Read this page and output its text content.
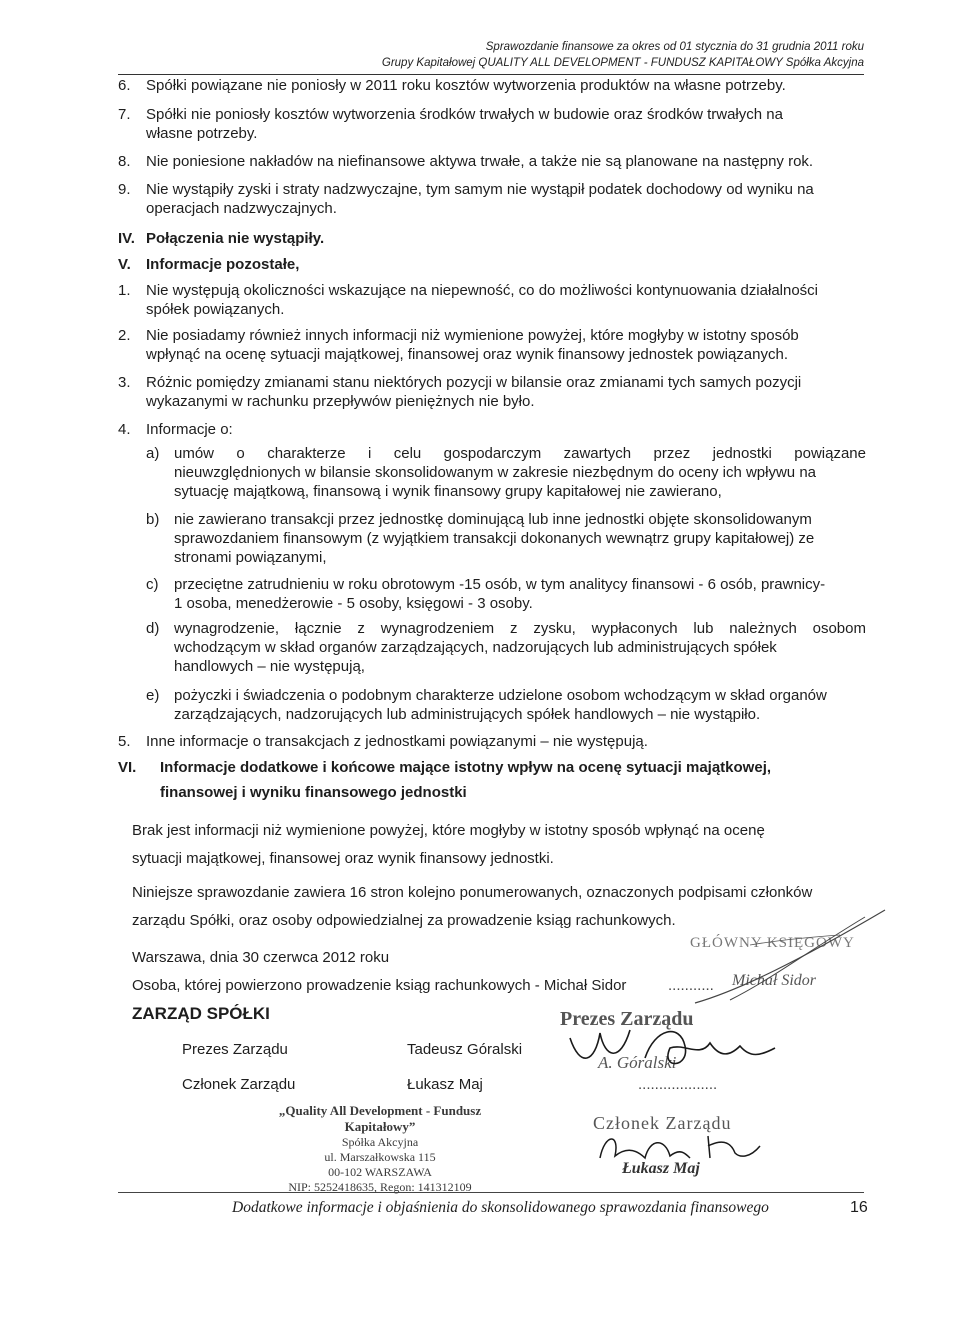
Sprawozdanie finansowe za okres od 01 stycznia do 31 grudnia 2011 roku
Grupy Kapitałowej QUALITY ALL DEVELOPMENT - FUNDUSZ KAPITAŁOWY Spółka Akcyjna
6. Spółki powiązane nie poniosły w 2011 roku kosztów wytworzenia produktów na własne potrzeby.
7. Spółki nie poniosły kosztów wytworzenia środków trwałych w budowie oraz środków trwałych na
własne potrzeby.
8. Nie poniesione nakładów na niefinansowe aktywa trwałe, a także nie są planowane na następny rok.
9. Nie wystąpiły zyski i straty nadzwyczajne, tym samym nie wystąpił podatek dochodowy od wyniku na
operacjach nadzwyczajnych.
IV. Połączenia nie wystąpiły.
V. Informacje pozostałe,
1. Nie występują okoliczności wskazujące na niepewność, co do możliwości kontynuowania działalności
spółek powiązanych.
2. Nie posiadamy również innych informacji niż wymienione powyżej, które mogłyby w istotny sposób
wpłynąć na ocenę sytuacji majątkowej, finansowej oraz wynik finansowy jednostek powiązanych.
3. Różnic pomiędzy zmianami stanu niektórych pozycji w bilansie oraz zmianami tych samych pozycji
wykazanymi w rachunku przepływów pieniężnych nie było.
4. Informacje o:
a) umów o charakterze i celu gospodarczym zawartych przez jednostki powiązane
nieuwzględnionych w bilansie skonsolidowanym w zakresie niezbędnym do oceny ich wpływu na
sytuację majątkową, finansową i wynik finansowy grupy kapitałowej nie zawierano,
b) nie zawierano transakcji przez jednostkę dominującą lub inne jednostki objęte skonsolidowanym
sprawozdaniem finansowym (z wyjątkiem transakcji dokonanych wewnątrz grupy kapitałowej) ze
stronami powiązanymi,
c) przeciętne zatrudnieniu w roku obrotowym -15 osób, w tym analitycy finansowi - 6 osób, prawnicy-
1 osoba, menedżerowie - 5 osoby, księgowi - 3 osoby.
d) wynagrodzenie, łącznie z wynagrodzeniem z zysku, wypłaconych lub należnych osobom
wchodzącym w skład organów zarządzających, nadzorujących lub administrujących spółek
handlowych – nie występują,
e) pożyczki i świadczenia o podobnym charakterze udzielone osobom wchodzącym w skład organów
zarządzających, nadzorujących lub administrujących spółek handlowych – nie wystąpiło.
5. Inne informacje o transakcjach z jednostkami powiązanymi – nie występują.
VI. Informacje dodatkowe i końcowe mające istotny wpływ na ocenę sytuacji majątkowej,
finansowej i wyniku finansowego jednostki
Brak jest informacji niż wymienione powyżej, które mogłyby w istotny sposób wpłynąć na ocenę
sytuacji majątkowej, finansowej oraz wynik finansowy jednostki.
Niniejsze sprawozdanie zawiera 16 stron kolejno ponumerowanych, oznaczonych podpisami członków
zarządu Spółki, oraz osoby odpowiedzialnej za prowadzenie ksiąg rachunkowych.
Warszawa, dnia 30 czerwca 2012 roku
Osoba, której powierzono prowadzenie ksiąg rachunkowych - Michał Sidor	...........
ZARZĄD SPÓŁKI
Prezes Zarządu	Tadeusz Góralski
Członek Zarządu	Łukasz Maj	...................
„Quality All Development - Fundusz Kapitałowy”
Spółka Akcyjna
ul. Marszałkowska 115
00-102 WARSZAWA
NIP: 5252418635, Regon: 141312109
GŁÓWNY KSIĘGOWY
Michał Sidor
Prezes Zarządu
A. Góralski
Członek Zarządu
Łukasz Maj
Dodatkowe informacje i objaśnienia do skonsolidowanego sprawozdania finansowego	16
